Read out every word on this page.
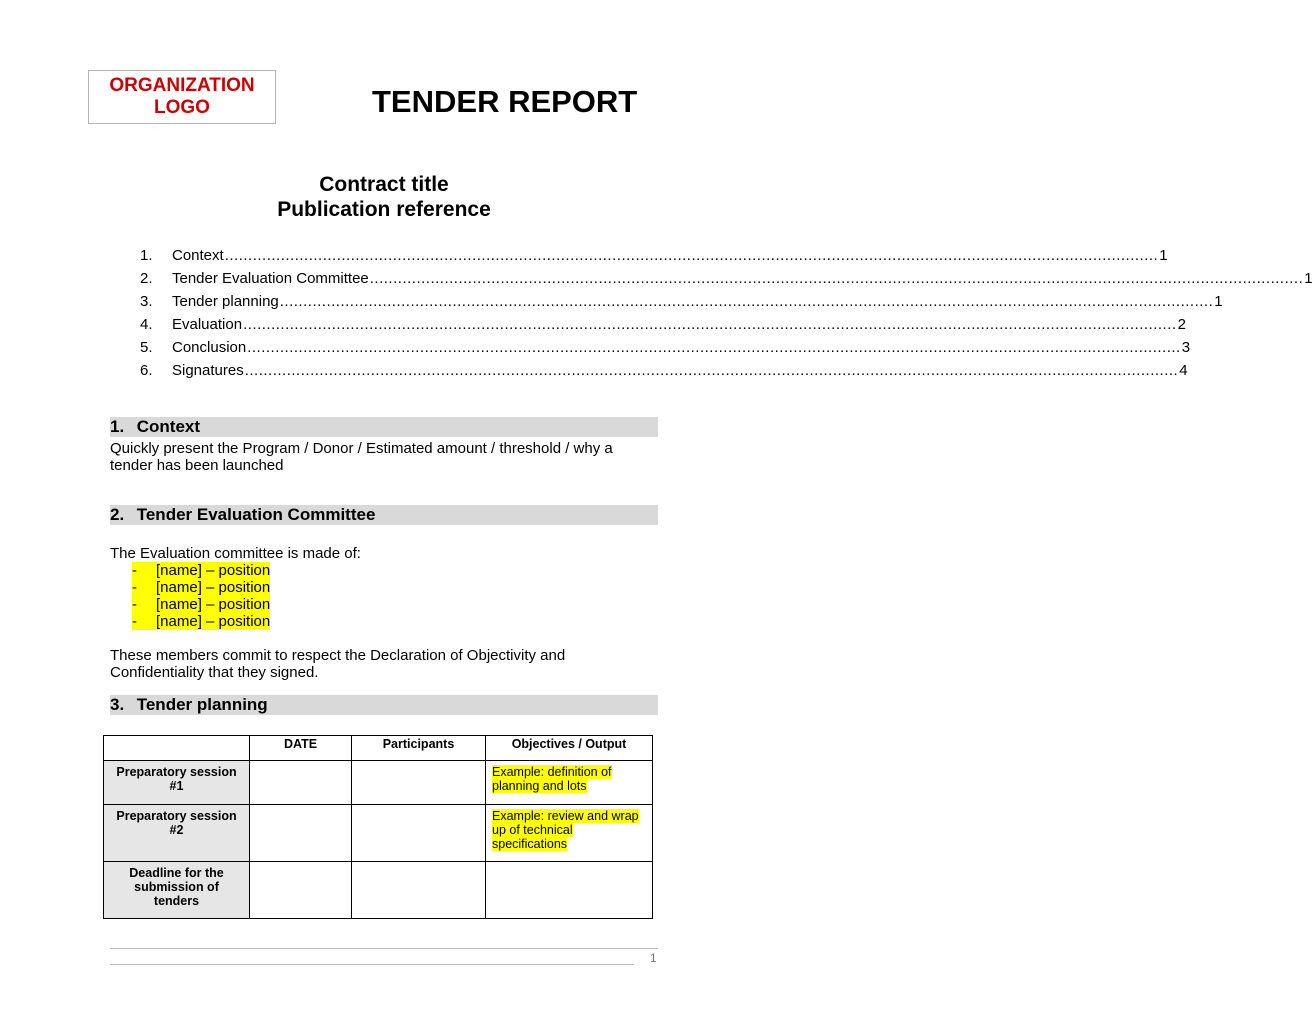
ORGANIZATION
LOGO	TENDER REPORT
Contract title
Publication reference
1.	Context ........................................................................................................................................................................................................ 1
2.	Tender Evaluation Committee ........................................................................................................................................................................................................ 1
3.	Tender planning ........................................................................................................................................................................................................ 1
4.	Evaluation ........................................................................................................................................................................................................ 2
5.	Conclusion ........................................................................................................................................................................................................ 3
6.	Signatures ........................................................................................................................................................................................................ 4
1. Context
Quickly present the Program / Donor / Estimated amount / threshold / why a tender has been launched
2. Tender Evaluation Committee
The Evaluation committee is made of:
- [name] – position
- [name] – position
- [name] – position
- [name] – position
These members commit to respect the Declaration of Objectivity and Confidentiality that they signed.
3. Tender planning
	DATE	Participants	Objectives / Output
Preparatory session #1			Example: definition of planning and lots
Preparatory session #2			Example: review and wrap up of technical specifications
Deadline for the submission of tenders			
1
